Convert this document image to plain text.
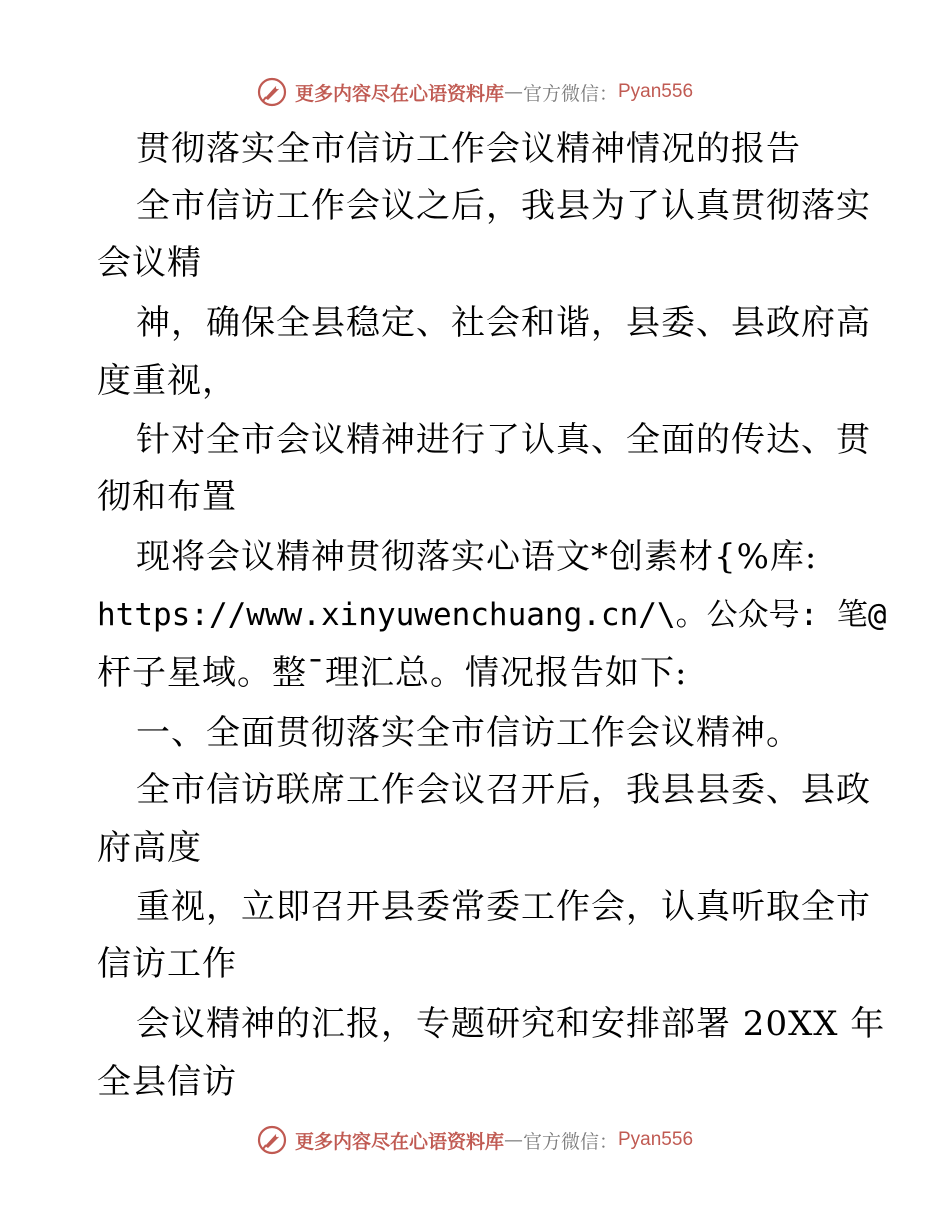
更多内容尽在心语资料库 — 官方微信： Pyan556
贯彻落实全市信访工作会议精神情况的报告
全市信访工作会议之后，我县为了认真贯彻落实
会议精
神，确保全县稳定、社会和谐，县委、县政府高
度重视，
针对全市会议精神进行了认真、全面的传达、贯
彻和布置
现将会议精神贯彻落实心语文*创素材{%库:
https://www.xinyuwenchuang.cn/\。公众号: 笔@
杆子星域。整¯理汇总。情况报告如下:
一、全面贯彻落实全市信访工作会议精神。
全市信访联席工作会议召开后，我县县委、县政
府高度
重视，立即召开县委常委工作会，认真听取全市
信访工作
会议精神的汇报，专题研究和安排部署 20XX 年
全县信访
更多内容尽在心语资料库 — 官方微信： Pyan556
